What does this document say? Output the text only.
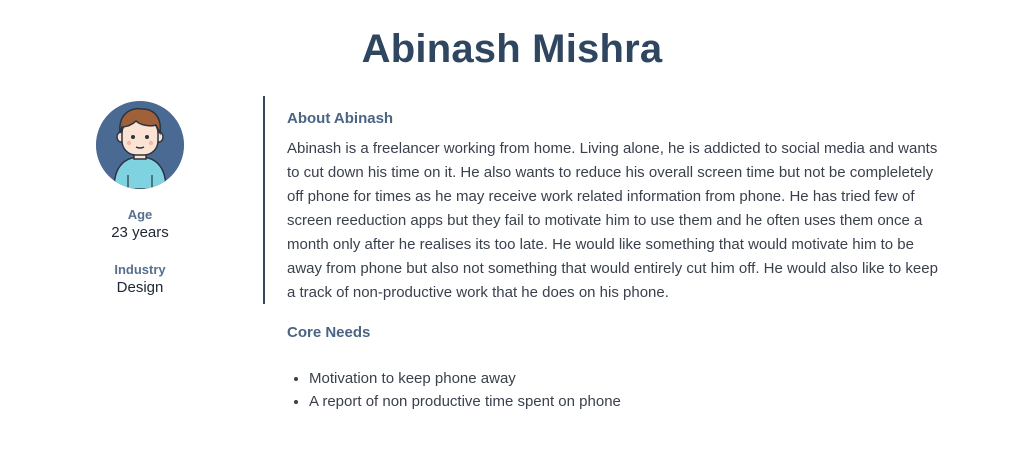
Abinash Mishra
Age
23 years
Industry
Design
About Abinash

Abinash is a freelancer working from home. Living alone, he is addicted to social media and wants to cut down his time on it. He also wants to reduce his overall screen time but not be compleletely off phone for times as he may receive work related information from phone. He has tried few of screen reeduction apps but they fail to motivate him to use them and he often uses them once a month only after he realises its too late. He would like something that would motivate him to be away from phone but also not something that would entirely cut him off. He would also like to keep a track of non-productive work that he does on his phone.

Core Needs
• Motivation to keep phone away
• A report of non productive time spent on phone
